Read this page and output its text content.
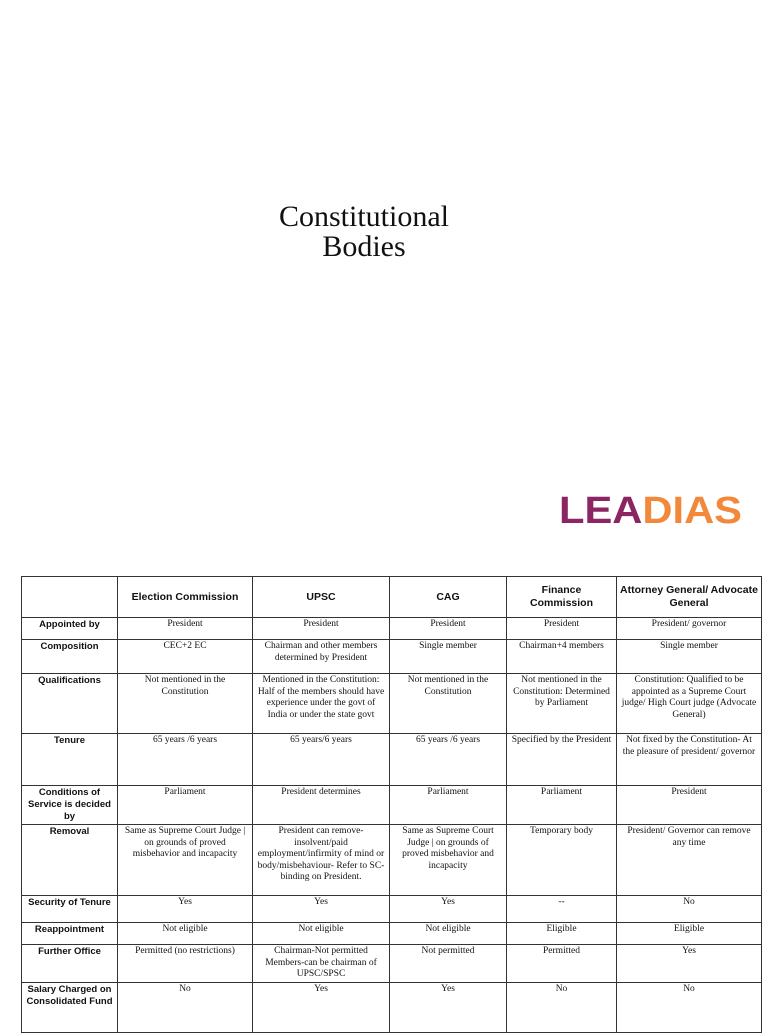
Constitutional
Bodies
LEA DIAS
	Election Commission	UPSC	CAG	Finance Commission	Attorney General/ Advocate General
Appointed by	President	President	President	President	President/ governor
Composition	CEC+2 EC	Chairman and other members determined by President	Single member	Chairman+4 members	Single member
Qualifications	Not mentioned in the Constitution	Mentioned in the Constitution: Half of the members should have experience under the govt of India or under the state govt	Not mentioned in the Constitution	Not mentioned in the Constitution: Determined by Parliament	Constitution: Qualified to be appointed as a Supreme Court judge/ High Court judge (Advocate General)
Tenure	65 years /6 years	65 years/6 years	65 years /6 years	Specified by the President	Not fixed by the Constitution- At the pleasure of president/ governor
Conditions of Service is decided by	Parliament	President determines	Parliament	Parliament	President
Removal	Same as Supreme Court Judge | on grounds of proved misbehavior and incapacity	President can remove- insolvent/paid employment/infirmity of mind or body/misbehaviour- Refer to SC-binding on President.	Same as Supreme Court Judge | on grounds of proved misbehavior and incapacity	Temporary body	President/ Governor can remove any time
Security of Tenure	Yes	Yes	Yes	--	No
Reappointment	Not eligible	Not eligible	Not eligible	Eligible	Eligible
Further Office	Permitted (no restrictions)	Chairman-Not permitted Members-can be chairman of UPSC/SPSC	Not permitted	Permitted	Yes
Salary Charged on Consolidated Fund	No	Yes	Yes	No	No
